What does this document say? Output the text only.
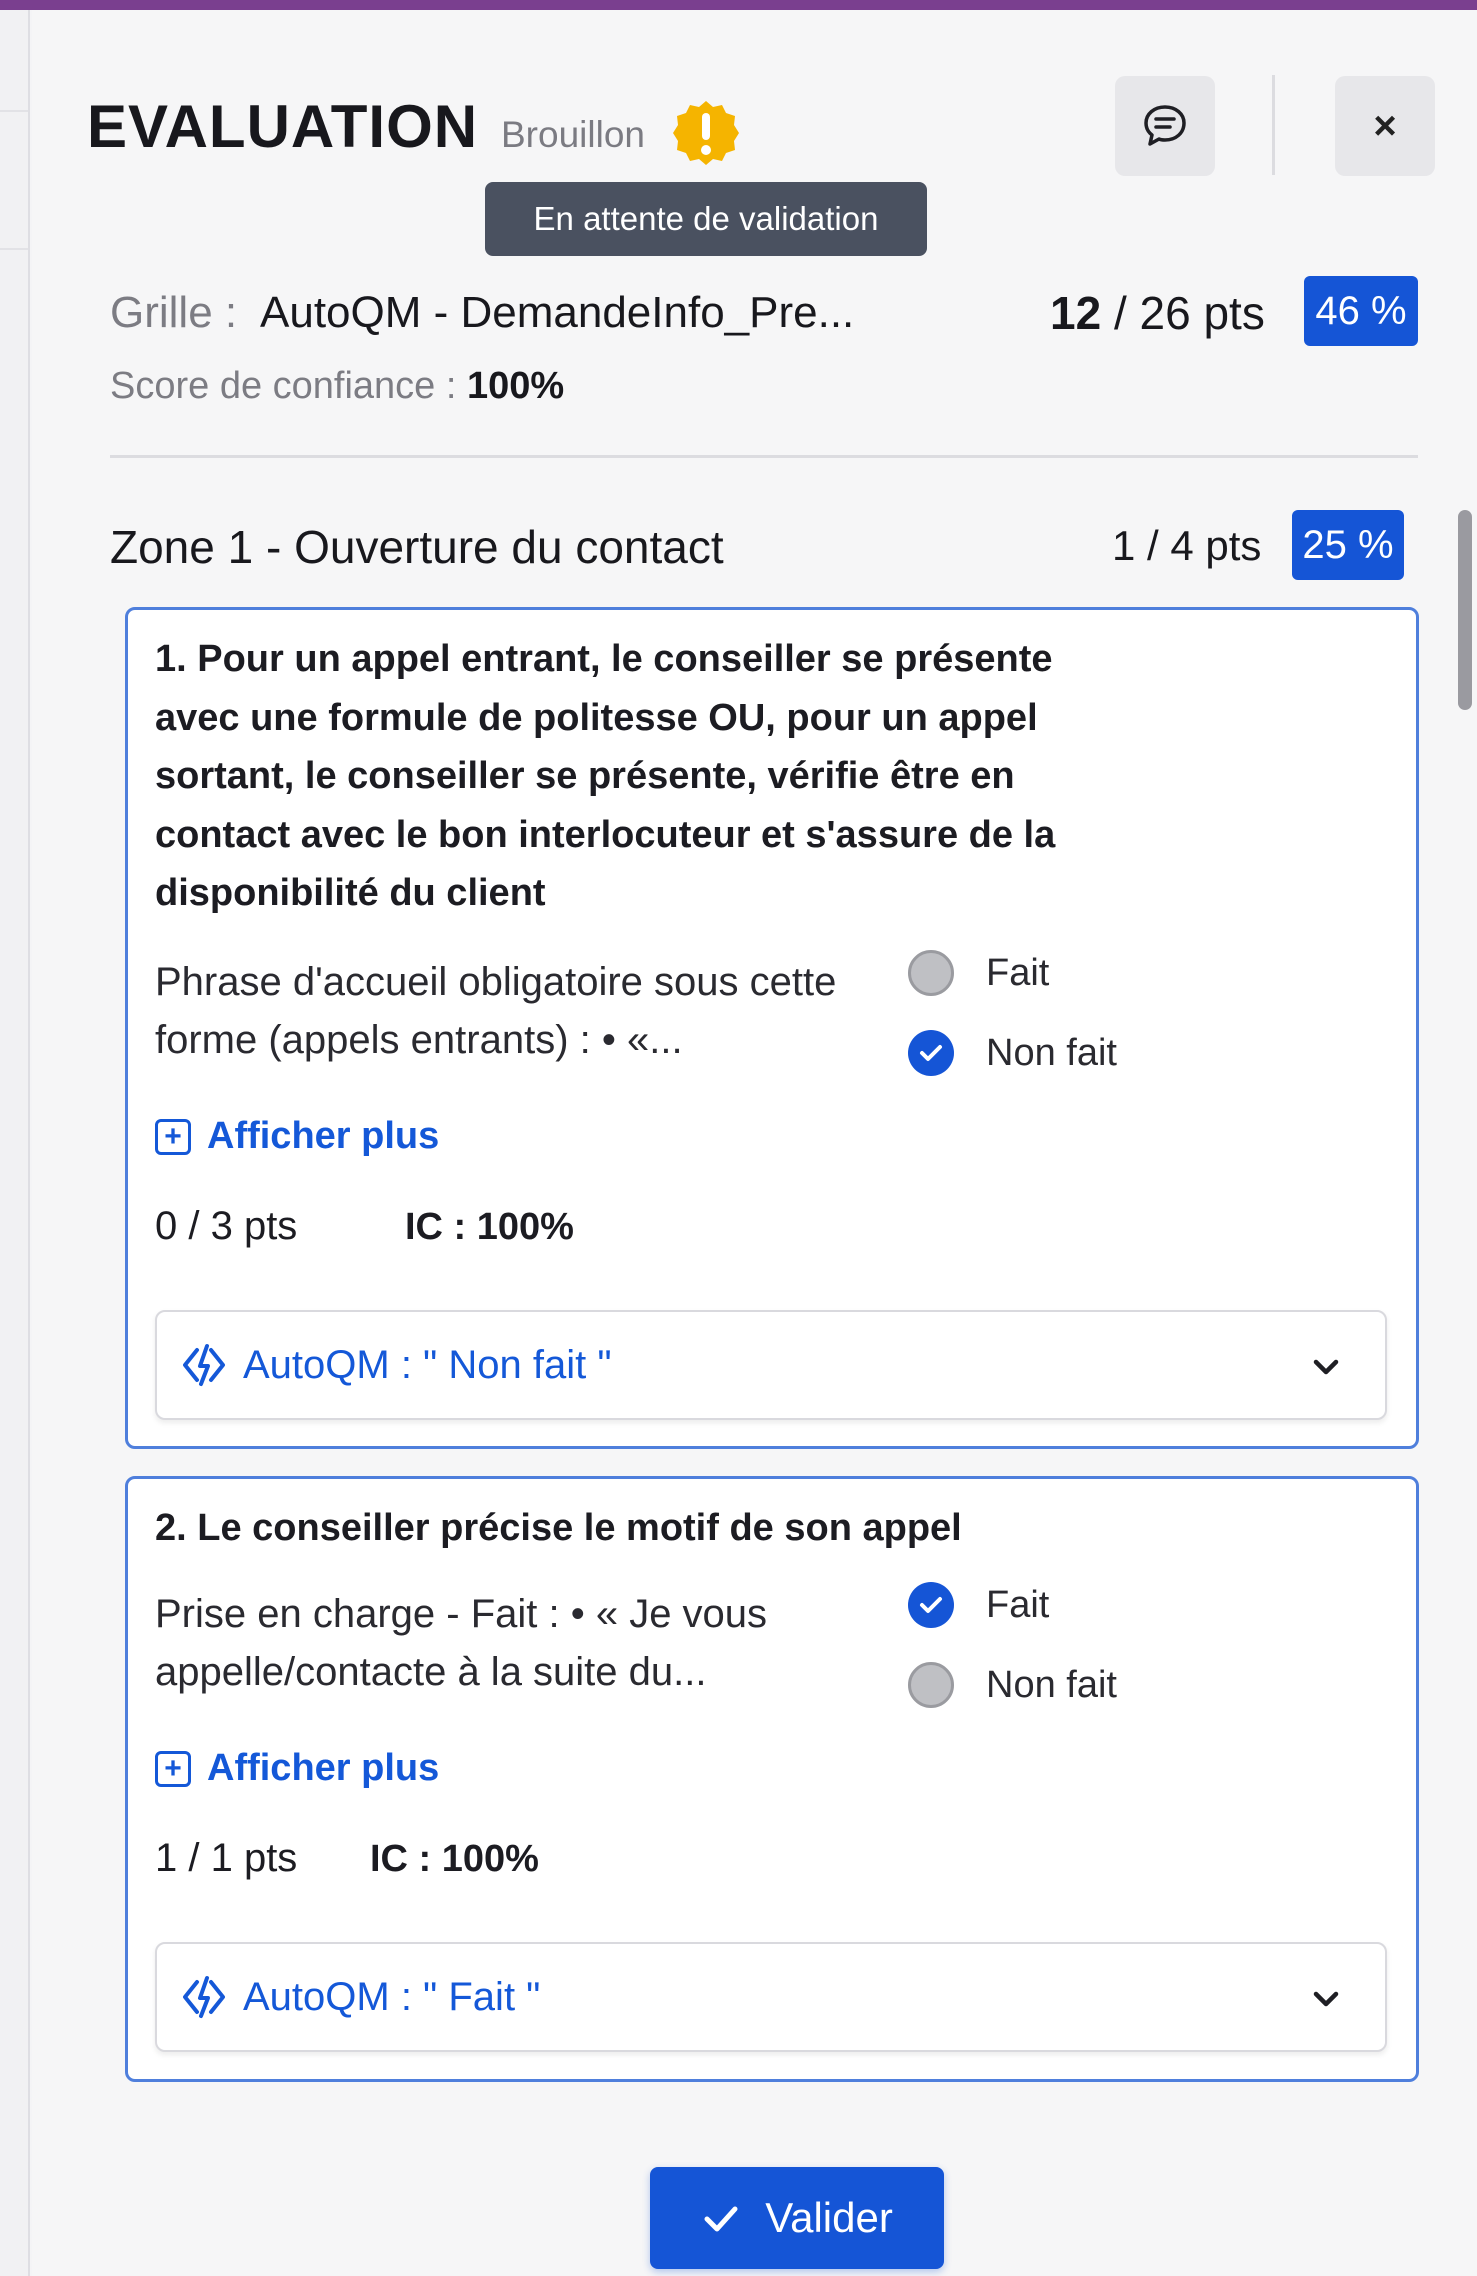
EVALUATION Brouillon	×
En attente de validation
Grille : AutoQM - DemandeInfo_Pre...	12 / 26 pts 46 %
Score de confiance : 100%
Zone 1 - Ouverture du contact	1 / 4 pts 25 %
1. Pour un appel entrant, le conseiller se présente avec une formule de politesse OU, pour un appel sortant, le conseiller se présente, vérifie être en contact avec le bon interlocuteur et s'assure de la disponibilité du client
Phrase d'accueil obligatoire sous cette forme (appels entrants) : • «...
+ Afficher plus
Fait
Non fait
0 / 3 pts	IC : 100%
AutoQM : " Non fait "
2. Le conseiller précise le motif de son appel
Prise en charge - Fait : • « Je vous appelle/contacte à la suite du...
+ Afficher plus
Fait
Non fait
1 / 1 pts IC : 100%
AutoQM : " Fait "
Valider
